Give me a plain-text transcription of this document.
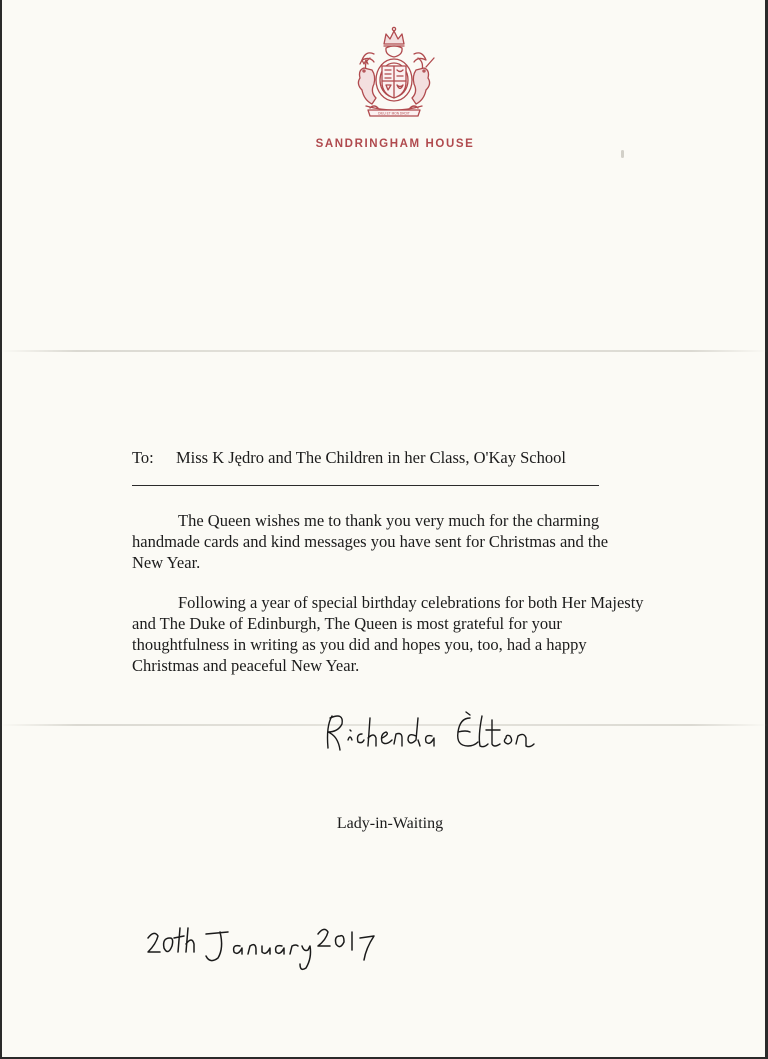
DIEU ET MON DROIT
SANDRINGHAM HOUSE
To: Miss K Jędro and The Children in her Class, O'Kay School
The Queen wishes me to thank you very much for the charming
handmade cards and kind messages you have sent for Christmas and the
New Year.
Following a year of special birthday celebrations for both Her Majesty
and The Duke of Edinburgh, The Queen is most grateful for your
thoughtfulness in writing as you did and hopes you, too, had a happy
Christmas and peaceful New Year.
Lady-in-Waiting
